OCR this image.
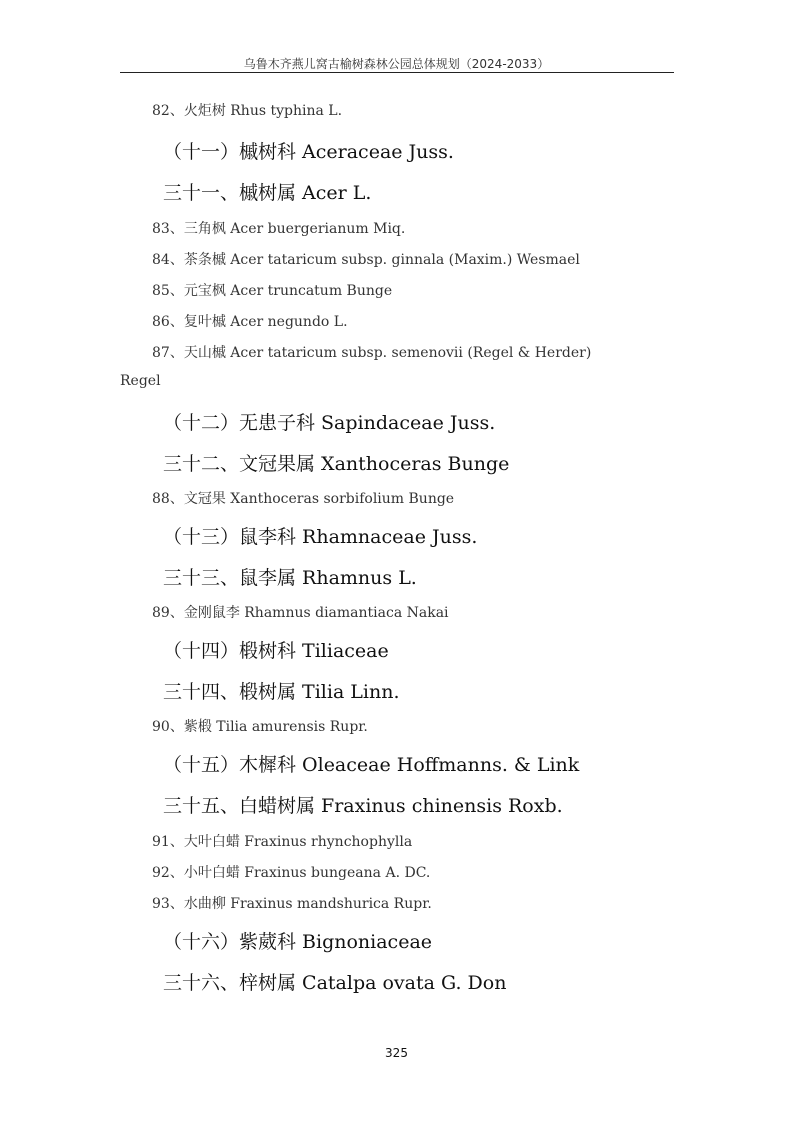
乌鲁木齐燕儿窝古榆树森林公园总体规划（2024-2033）
82、火炬树 Rhus typhina L.
（十一）槭树科 Aceraceae Juss.
三十一、槭树属 Acer L.
83、三角枫 Acer buergerianum Miq.
84、茶条槭 Acer tataricum subsp. ginnala (Maxim.) Wesmael
85、元宝枫 Acer truncatum Bunge
86、复叶槭 Acer negundo L.
87、天山槭 Acer tataricum subsp. semenovii (Regel & Herder)
Regel
（十二）无患子科 Sapindaceae Juss.
三十二、文冠果属 Xanthoceras Bunge
88、文冠果 Xanthoceras sorbifolium Bunge
（十三）鼠李科 Rhamnaceae Juss.
三十三、鼠李属 Rhamnus L.
89、金刚鼠李 Rhamnus diamantiaca Nakai
（十四）椴树科 Tiliaceae
三十四、椴树属 Tilia Linn.
90、紫椴 Tilia amurensis Rupr.
（十五）木樨科 Oleaceae Hoffmanns. & Link
三十五、白蜡树属 Fraxinus chinensis Roxb.
91、大叶白蜡 Fraxinus rhynchophylla
92、小叶白蜡 Fraxinus bungeana A. DC.
93、水曲柳 Fraxinus mandshurica Rupr.
（十六）紫葳科 Bignoniaceae
三十六、梓树属 Catalpa ovata G. Don
325
